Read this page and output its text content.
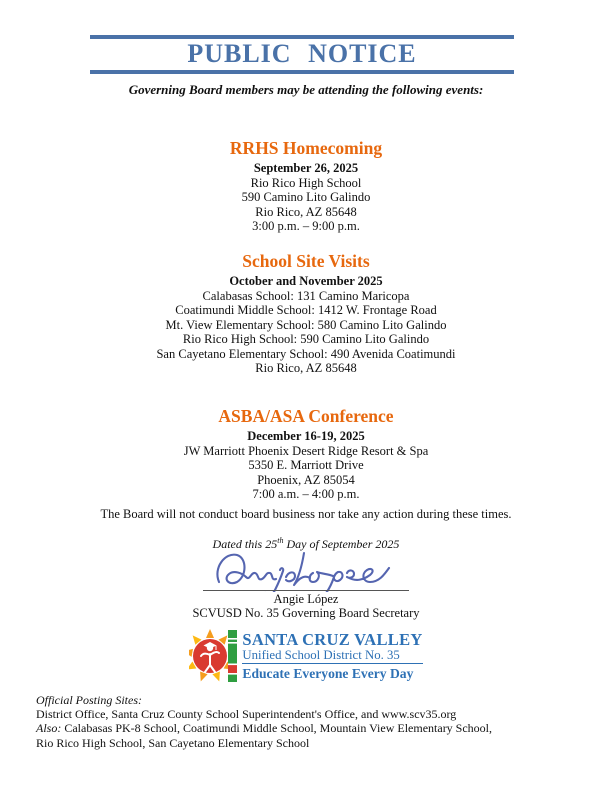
PUBLIC NOTICE
Governing Board members may be attending the following events:
RRHS Homecoming
September 26, 2025
Rio Rico High School
590 Camino Lito Galindo
Rio Rico, AZ 85648
3:00 p.m. – 9:00 p.m.
School Site Visits
October and November 2025
Calabasas School: 131 Camino Maricopa
Coatimundi Middle School: 1412 W. Frontage Road
Mt. View Elementary School: 580 Camino Lito Galindo
Rio Rico High School: 590 Camino Lito Galindo
San Cayetano Elementary School: 490 Avenida Coatimundi
Rio Rico, AZ 85648
ASBA/ASA Conference
December 16-19, 2025
JW Marriott Phoenix Desert Ridge Resort & Spa
5350 E. Marriott Drive
Phoenix, AZ 85054
7:00 a.m. – 4:00 p.m.
The Board will not conduct board business nor take any action during these times.
Dated this 25th Day of September 2025
Angie López
SCVUSD No. 35 Governing Board Secretary
SANTA CRUZ VALLEY
Unified School District No. 35
Educate Everyone Every Day
Official Posting Sites:
District Office, Santa Cruz County School Superintendent's Office, and www.scv35.org
Also: Calabasas PK-8 School, Coatimundi Middle School, Mountain View Elementary School,
Rio Rico High School, San Cayetano Elementary School
